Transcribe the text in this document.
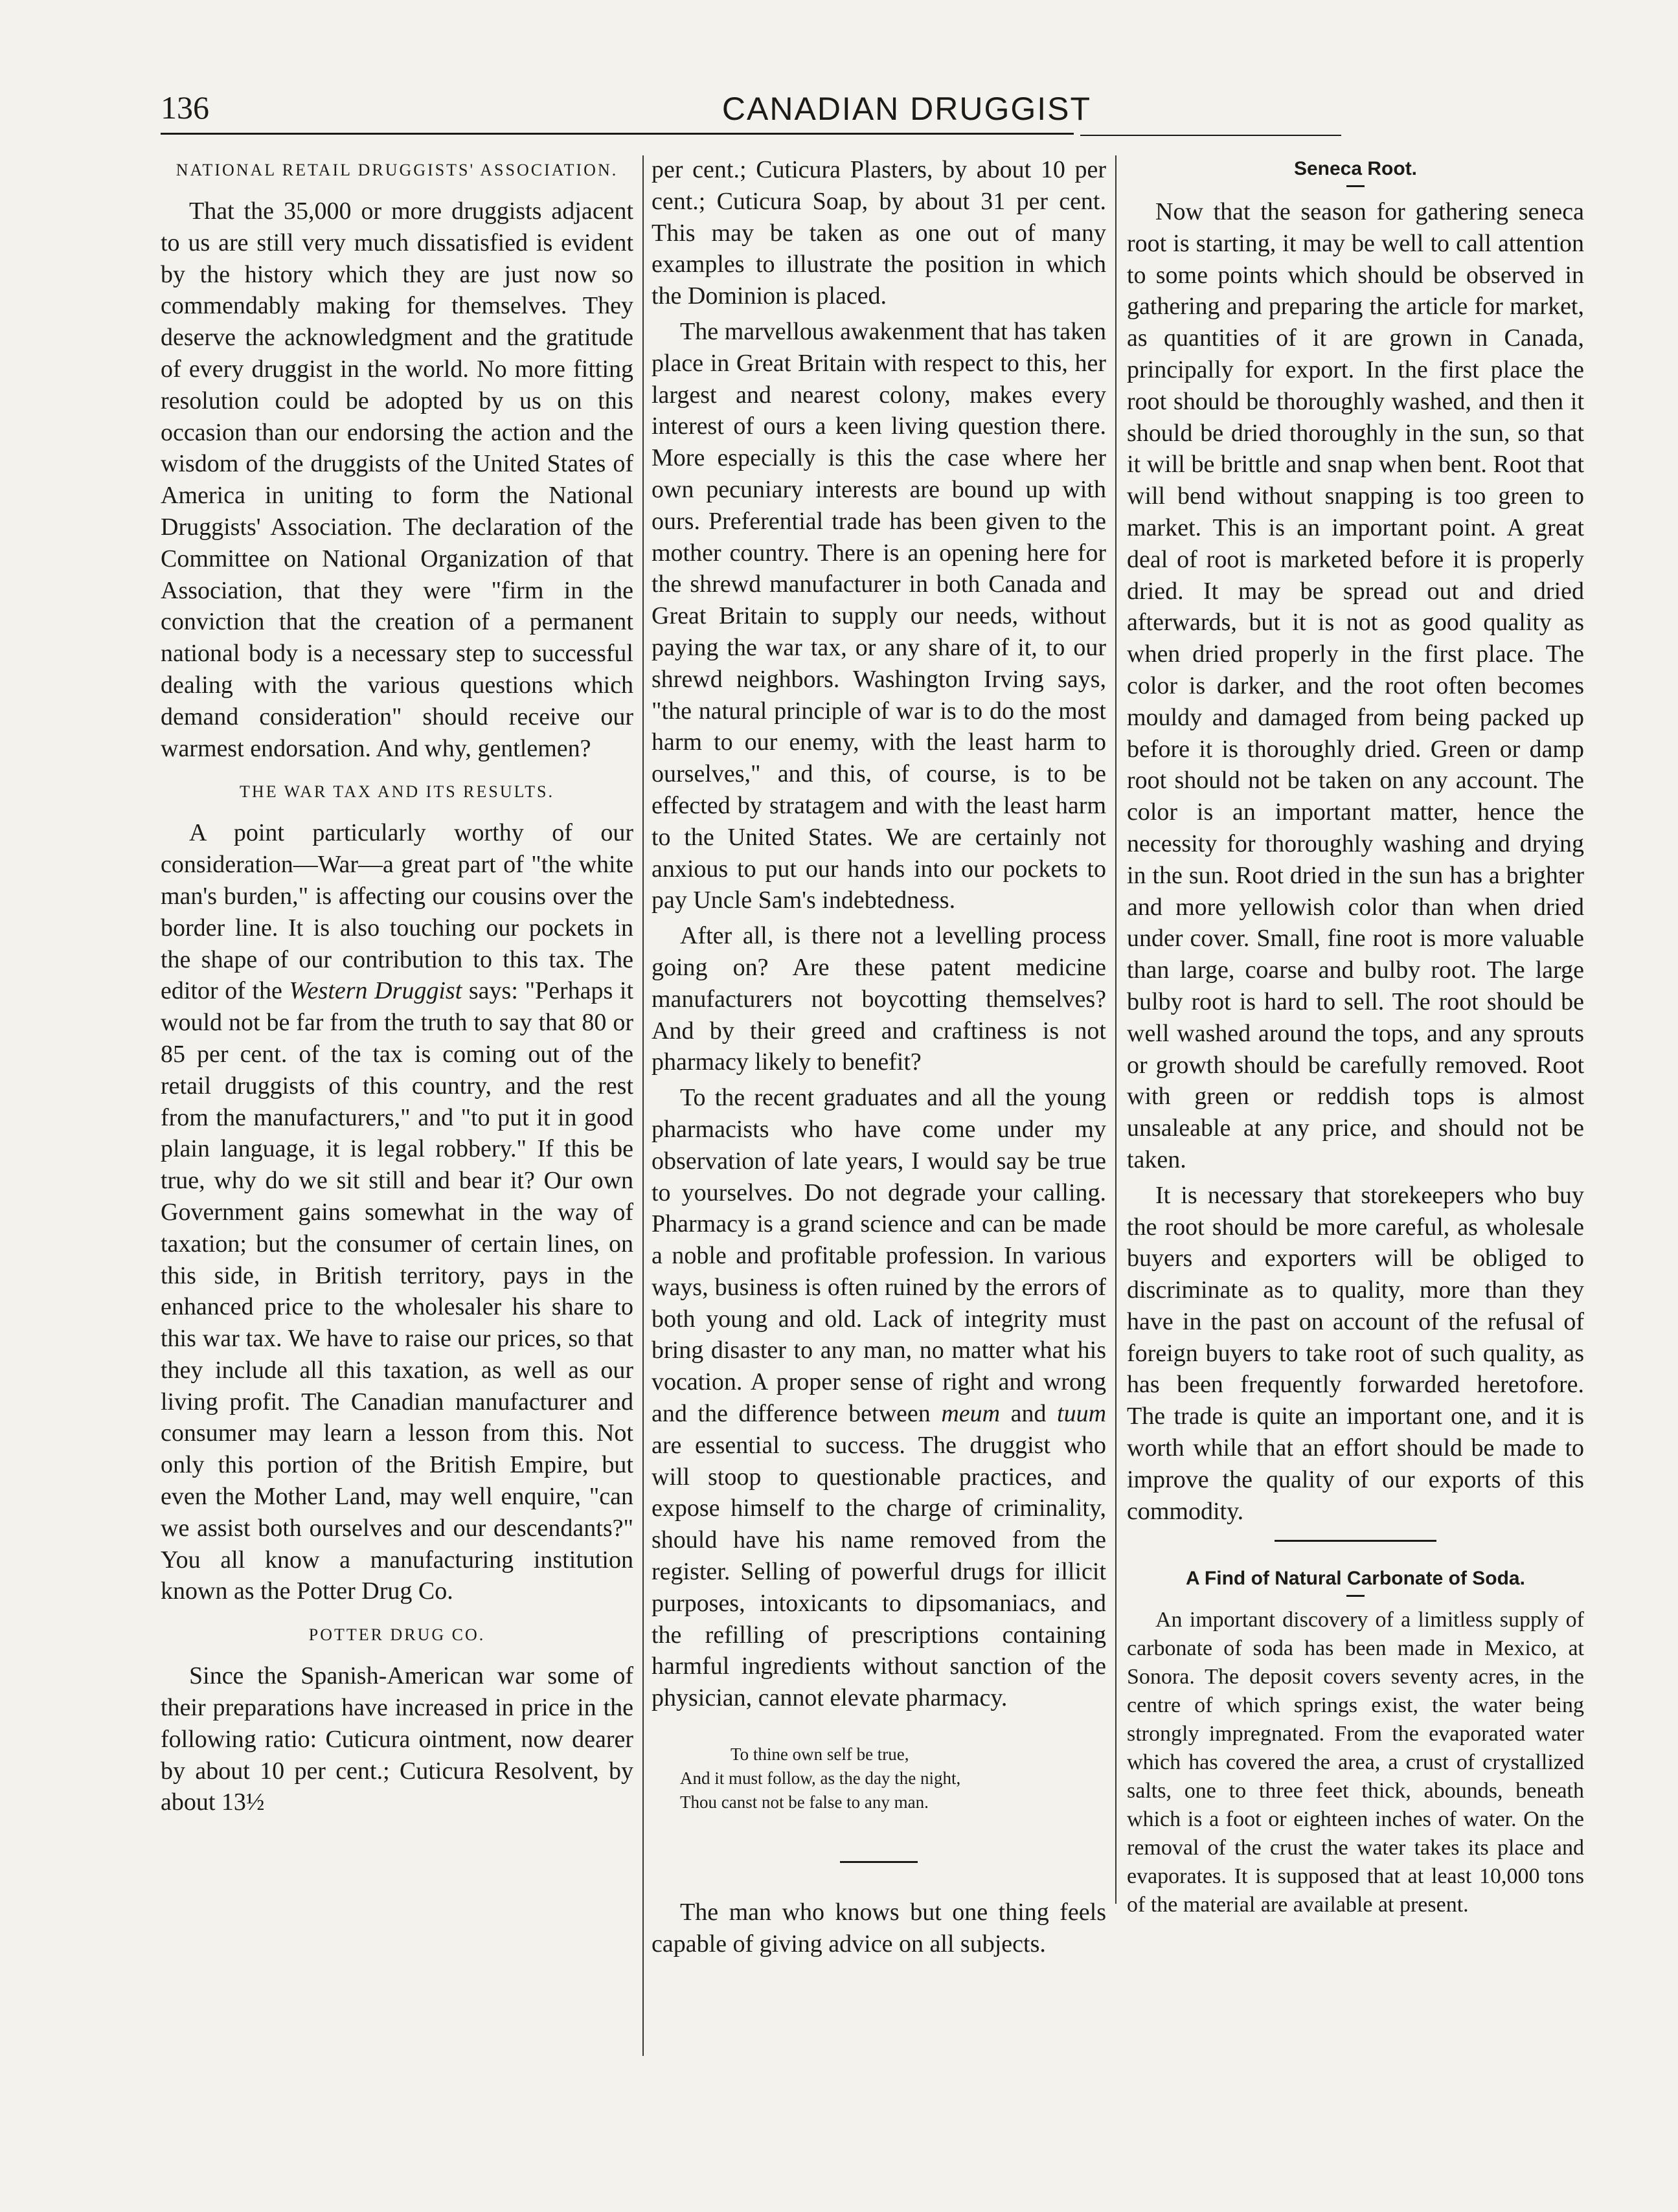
136	CANADIAN DRUGGIST
NATIONAL RETAIL DRUGGISTS' ASSOCIATION.

That the 35,000 or more druggists adjacent to us are still very much dissatisfied is evident by the history which they are just now so commendably making for themselves. They deserve the acknowledgment and the gratitude of every druggist in the world. No more fitting resolution could be adopted by us on this occasion than our endorsing the action and the wisdom of the druggists of the United States of America in uniting to form the National Druggists' Association. The declaration of the Committee on National Organization of that Association, that they were "firm in the conviction that the creation of a permanent national body is a necessary step to successful dealing with the various questions which demand consideration" should receive our warmest endorsation. And why, gentlemen?

THE WAR TAX AND ITS RESULTS.

A point particularly worthy of our consideration—War—a great part of "the white man's burden," is affecting our cousins over the border line. It is also touching our pockets in the shape of our contribution to this tax. The editor of the Western Druggist says: "Perhaps it would not be far from the truth to say that 80 or 85 per cent. of the tax is coming out of the retail druggists of this country, and the rest from the manufacturers," and "to put it in good plain language, it is legal robbery." If this be true, why do we sit still and bear it? Our own Government gains somewhat in the way of taxation; but the consumer of certain lines, on this side, in British territory, pays in the enhanced price to the wholesaler his share to this war tax. We have to raise our prices, so that they include all this taxation, as well as our living profit. The Canadian manufacturer and consumer may learn a lesson from this. Not only this portion of the British Empire, but even the Mother Land, may well enquire, "can we assist both ourselves and our descendants?" You all know a manufacturing institution known as the Potter Drug Co.

POTTER DRUG CO.

Since the Spanish-American war some of their preparations have increased in price in the following ratio: Cuticura ointment, now dearer by about 10 per cent.; Cuticura Resolvent, by about 13½

per cent.; Cuticura Plasters, by about 10 per cent.; Cuticura Soap, by about 31 per cent. This may be taken as one out of many examples to illustrate the position in which the Dominion is placed.

The marvellous awakenment that has taken place in Great Britain with respect to this, her largest and nearest colony, makes every interest of ours a keen living question there. More especially is this the case where her own pecuniary interests are bound up with ours. Preferential trade has been given to the mother country. There is an opening here for the shrewd manufacturer in both Canada and Great Britain to supply our needs, without paying the war tax, or any share of it, to our shrewd neighbors. Washington Irving says, "the natural principle of war is to do the most harm to our enemy, with the least harm to ourselves," and this, of course, is to be effected by stratagem and with the least harm to the United States. We are certainly not anxious to put our hands into our pockets to pay Uncle Sam's indebtedness.

After all, is there not a levelling process going on? Are these patent medicine manufacturers not boycotting themselves? And by their greed and craftiness is not pharmacy likely to benefit?

To the recent graduates and all the young pharmacists who have come under my observation of late years, I would say be true to yourselves. Do not degrade your calling. Pharmacy is a grand science and can be made a noble and profitable profession. In various ways, business is often ruined by the errors of both young and old. Lack of integrity must bring disaster to any man, no matter what his vocation. A proper sense of right and wrong and the difference between meum and tuum are essential to success. The druggist who will stoop to questionable practices, and expose himself to the charge of criminality, should have his name removed from the register. Selling of powerful drugs for illicit purposes, intoxicants to dipsomaniacs, and the refilling of prescriptions containing harmful ingredients without sanction of the physician, cannot elevate pharmacy.

To thine own self be true,
And it must follow, as the day the night,
Thou canst not be false to any man.

The man who knows but one thing feels capable of giving advice on all subjects.

Seneca Root.

Now that the season for gathering seneca root is starting, it may be well to call attention to some points which should be observed in gathering and preparing the article for market, as quantities of it are grown in Canada, principally for export. In the first place the root should be thoroughly washed, and then it should be dried thoroughly in the sun, so that it will be brittle and snap when bent. Root that will bend without snapping is too green to market. This is an important point. A great deal of root is marketed before it is properly dried. It may be spread out and dried afterwards, but it is not as good quality as when dried properly in the first place. The color is darker, and the root often becomes mouldy and damaged from being packed up before it is thoroughly dried. Green or damp root should not be taken on any account. The color is an important matter, hence the necessity for thoroughly washing and drying in the sun. Root dried in the sun has a brighter and more yellowish color than when dried under cover. Small, fine root is more valuable than large, coarse and bulby root. The large bulby root is hard to sell. The root should be well washed around the tops, and any sprouts or growth should be carefully removed. Root with green or reddish tops is almost unsaleable at any price, and should not be taken.

It is necessary that storekeepers who buy the root should be more careful, as wholesale buyers and exporters will be obliged to discriminate as to quality, more than they have in the past on account of the refusal of foreign buyers to take root of such quality, as has been frequently forwarded heretofore. The trade is quite an important one, and it is worth while that an effort should be made to improve the quality of our exports of this commodity.

A Find of Natural Carbonate of Soda.

An important discovery of a limitless supply of carbonate of soda has been made in Mexico, at Sonora. The deposit covers seventy acres, in the centre of which springs exist, the water being strongly impregnated. From the evaporated water which has covered the area, a crust of crystallized salts, one to three feet thick, abounds, beneath which is a foot or eighteen inches of water. On the removal of the crust the water takes its place and evaporates. It is supposed that at least 10,000 tons of the material are available at present.
